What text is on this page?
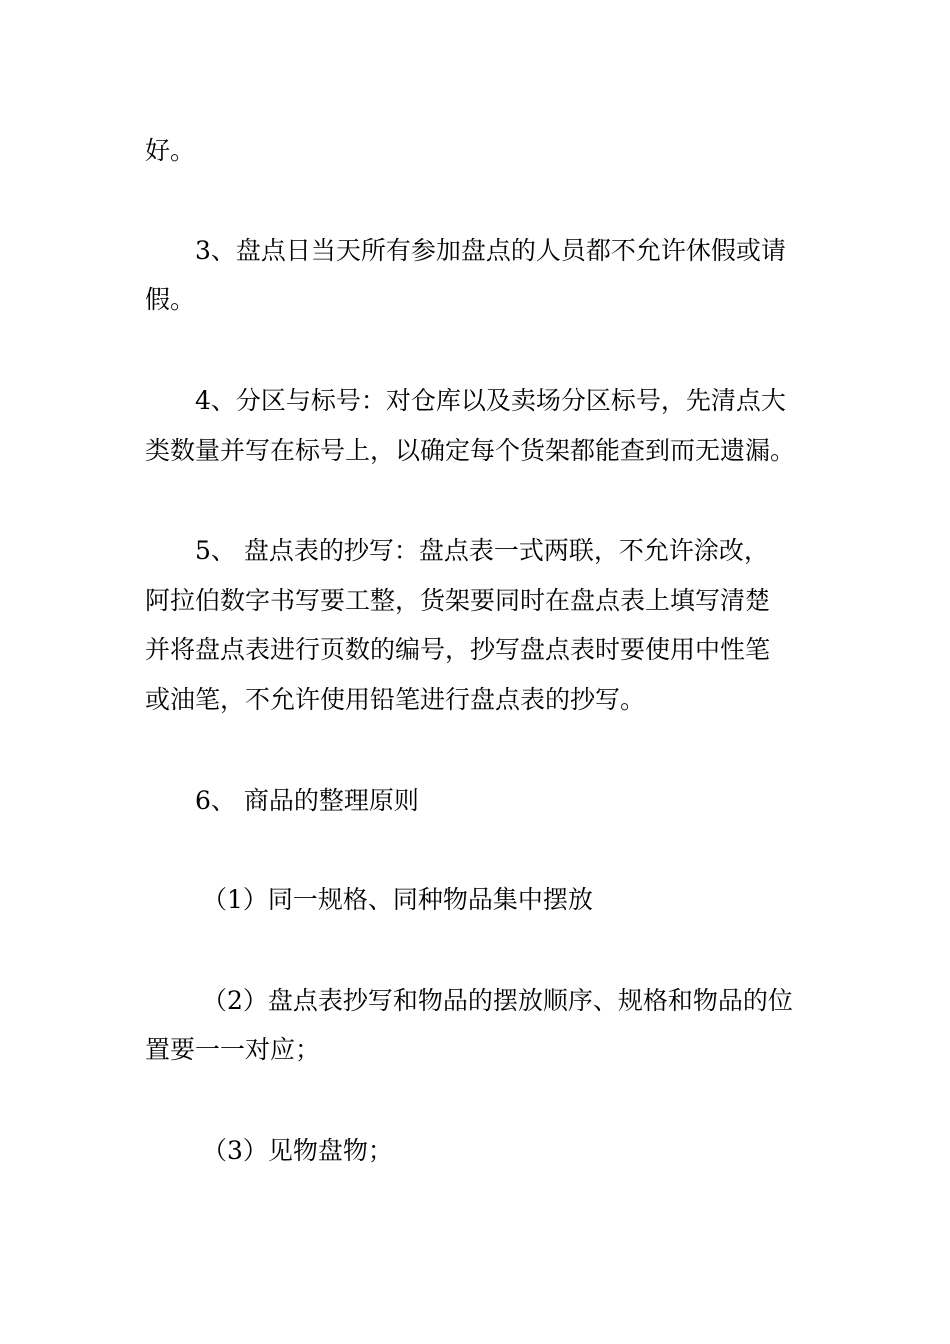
好。
3、盘点日当天所有参加盘点的人员都不允许休假或请
假。
4、分区与标号：对仓库以及卖场分区标号，先清点大
类数量并写在标号上，以确定每个货架都能查到而无遗漏。
5、 盘点表的抄写：盘点表一式两联，不允许涂改，
阿拉伯数字书写要工整，货架要同时在盘点表上填写清楚
并将盘点表进行页数的编号，抄写盘点表时要使用中性笔
或油笔，不允许使用铅笔进行盘点表的抄写。
6、 商品的整理原则
（1）同一规格、同种物品集中摆放
（2）盘点表抄写和物品的摆放顺序、规格和物品的位
置要一一对应；
（3）见物盘物；
